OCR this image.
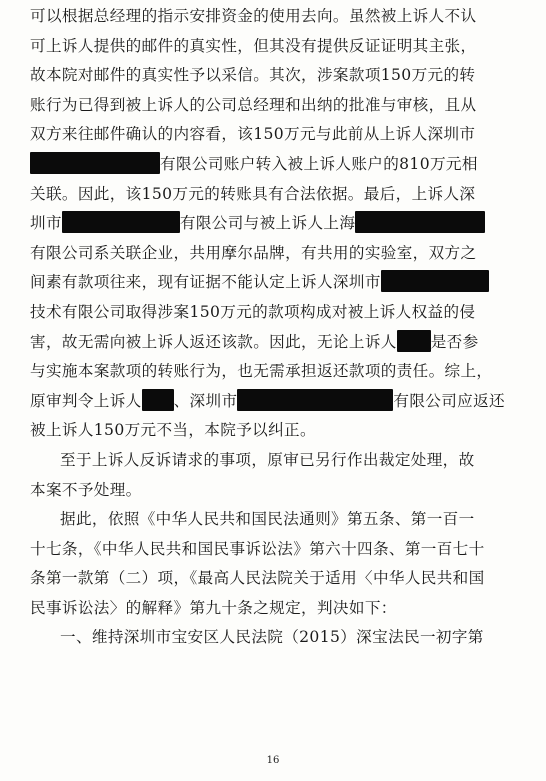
可以根据总经理的指示安排资金的使用去向。虽然被上诉人不认
可上诉人提供的邮件的真实性，但其没有提供反证证明其主张，
故本院对邮件的真实性予以采信。其次，涉案款项150万元的转
账行为已得到被上诉人的公司总经理和出纳的批准与审核，且从
双方来往邮件确认的内容看，该150万元与此前从上诉人深圳市
有限公司账户转入被上诉人账户的810万元相
关联。因此，该150万元的转账具有合法依据。最后，上诉人深
圳市	有限公司与被上诉人上海
有限公司系关联企业，共用摩尔品牌，有共用的实验室，双方之
间素有款项往来，现有证据不能认定上诉人深圳市
技术有限公司取得涉案150万元的款项构成对被上诉人权益的侵
害，故无需向被上诉人返还该款。因此，无论上诉人 是否参
与实施本案款项的转账行为，也无需承担返还款项的责任。综上，
原审判令上诉人 、深圳市	有限公司应返还
被上诉人150万元不当，本院予以纠正。
至于上诉人反诉请求的事项，原审已另行作出裁定处理，故
本案不予处理。
据此，依照《中华人民共和国民法通则》第五条、第一百一
十七条，《中华人民共和国民事诉讼法》第六十四条、第一百七十
条第一款第（二）项，《最高人民法院关于适用〈中华人民共和国
民事诉讼法〉的解释》第九十条之规定，判决如下：
一、维持深圳市宝安区人民法院（2015）深宝法民一初字第
16
